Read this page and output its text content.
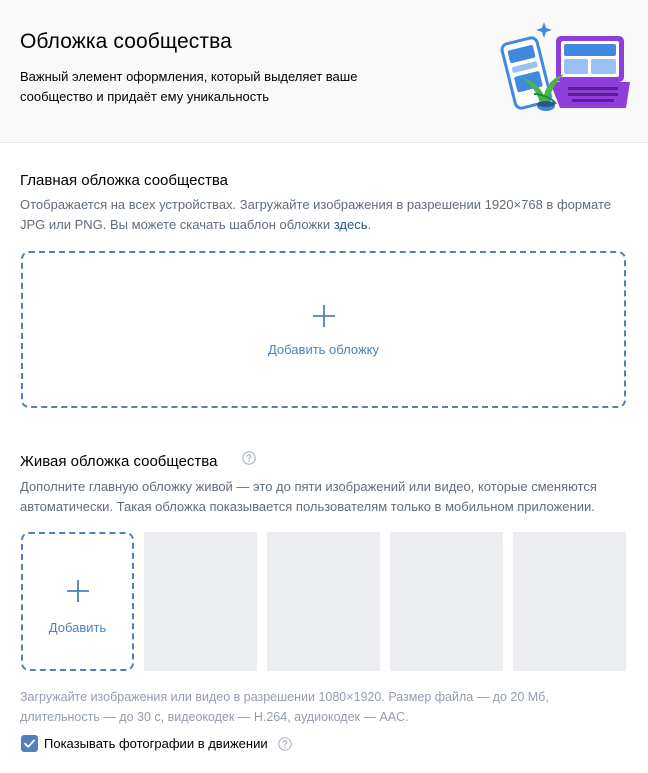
Обложка сообщества
Важный элемент оформления, который выделяет ваше сообщество и придаёт ему уникальность
Главная обложка сообщества
Отображается на всех устройствах. Загружайте изображения в разрешении 1920×768 в формате JPG или PNG. Вы можете скачать шаблон обложки здесь.
Добавить обложку
Живая обложка сообщества
Дополните главную обложку живой — это до пяти изображений или видео, которые сменяются автоматически. Такая обложка показывается пользователям только в мобильном приложении.
Добавить
Загружайте изображения или видео в разрешении 1080×1920. Размер файла — до 20 Мб, длительность — до 30 с, видеокодек — H.264, аудиокодек — AAC.
Показывать фотографии в движении
